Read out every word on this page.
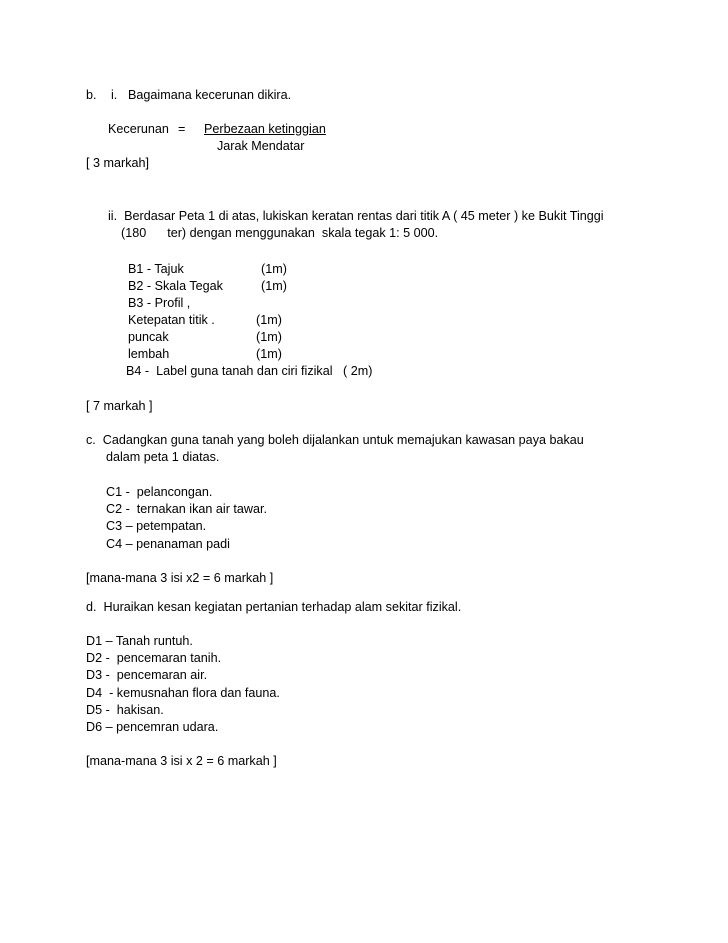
b. i. Bagaimana kecerunan dikira.
Kecerunan = Perbezaan ketinggian
Jarak Mendatar
[ 3 markah]
ii.  Berdasar Peta 1 di atas, lukiskan keratan rentas dari titik A ( 45 meter ) ke Bukit Tinggi
(180      ter) dengan menggunakan  skala tegak 1: 5 000.
B1 - Tajuk	(1m)
B2 - Skala Tegak	(1m)
B3 - Profil ,
Ketepatan titik .	(1m)
puncak	(1m)
lembah	(1m)
B4 -  Label guna tanah dan ciri fizikal   ( 2m)
[ 7 markah ]
c.  Cadangkan guna tanah yang boleh dijalankan untuk memajukan kawasan paya bakau
dalam peta 1 diatas.
C1 -  pelancongan.
C2 -  ternakan ikan air tawar.
C3 – petempatan.
C4 – penanaman padi
[mana-mana 3 isi x2 = 6 markah ]
d.  Huraikan kesan kegiatan pertanian terhadap alam sekitar fizikal.
D1 – Tanah runtuh.
D2 -  pencemaran tanih.
D3 -  pencemaran air.
D4  - kemusnahan flora dan fauna.
D5 -  hakisan.
D6 – pencemran udara.
[mana-mana 3 isi x 2 = 6 markah ]
